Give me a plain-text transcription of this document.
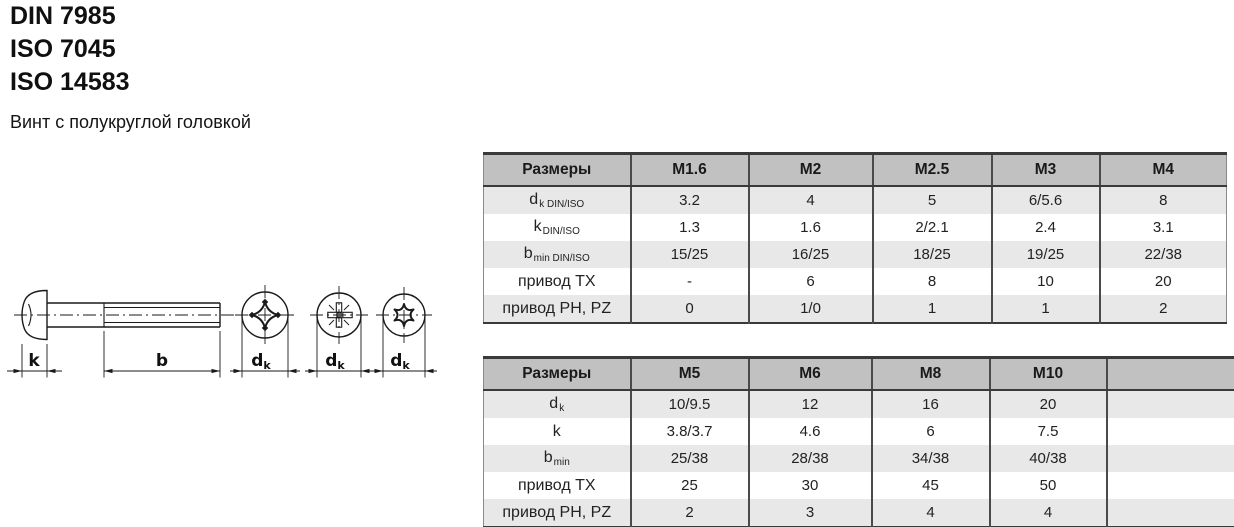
DIN 7985
ISO 7045
ISO 14583
Винт с полукруглой головкой
k	b	dk	dk	dk
Размеры	M1.6	M2	M2.5	M3	M4
$d_{k DIN/ISO}$	3.2	4	5	6/5.6	8
$k_{DIN/ISO}$	1.3	1.6	2/2.1	2.4	3.1
$b_{min DIN/ISO}$	15/25	16/25	18/25	19/25	22/38
привод TX	-	6	8	10	20
привод PH, PZ	0	1/0	1	1	2
Размеры	M5	M6	M8	M10	
$d_k$	10/9.5	12	16	20	
k	3.8/3.7	4.6	6	7.5	
$b_{min}$	25/38	28/38	34/38	40/38	
привод TX	25	30	45	50	
привод PH, PZ	2	3	4	4	
